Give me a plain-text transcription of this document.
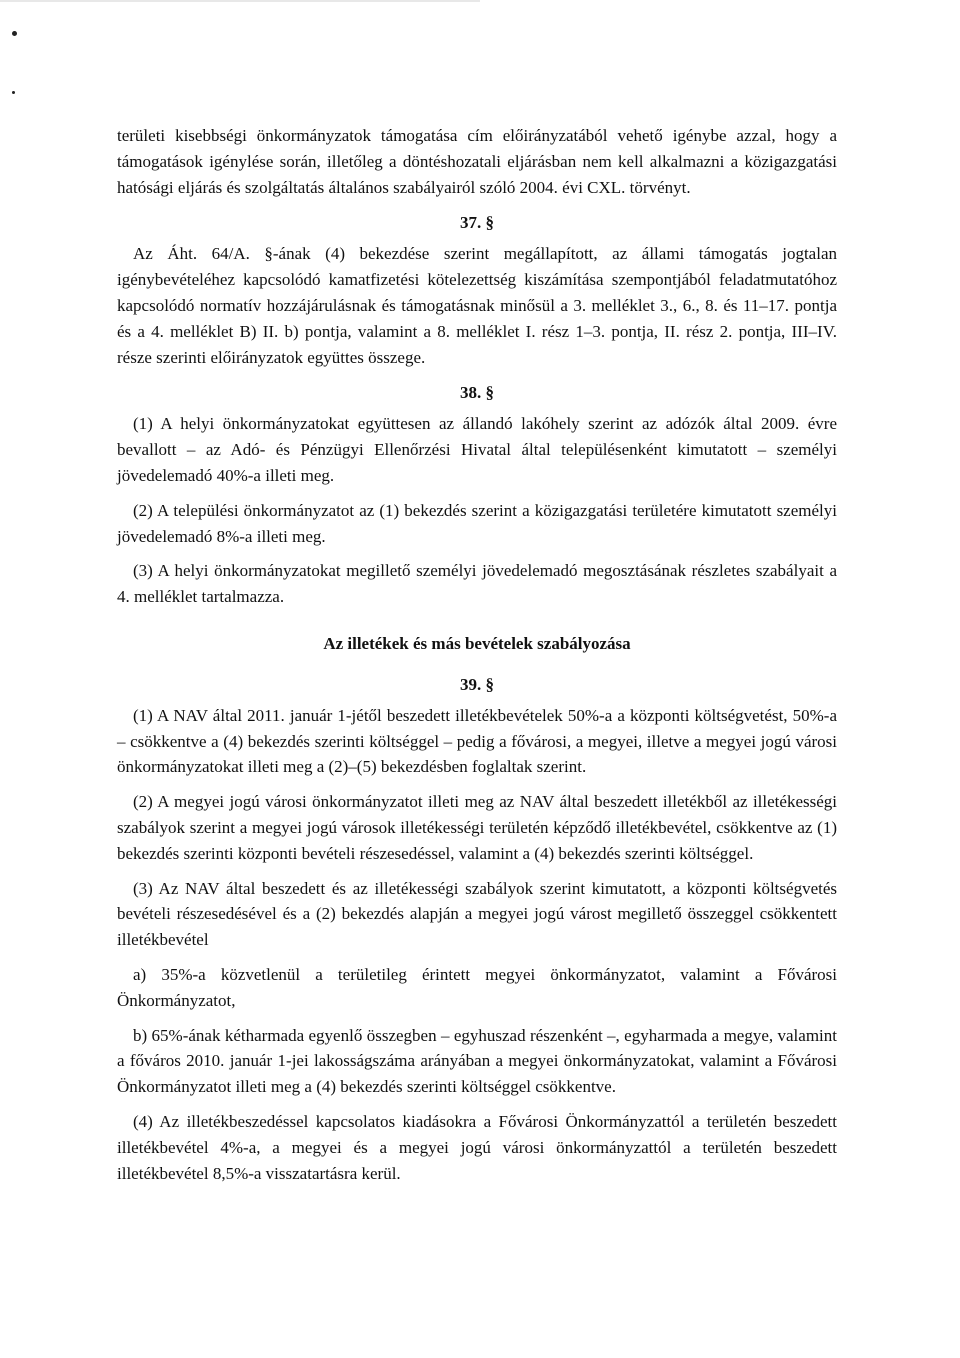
területi kisebbségi önkormányzatok támogatása cím előirányzatából vehető igénybe azzal, hogy a támogatások igénylése során, illetőleg a döntéshozatali eljárásban nem kell alkalmazni a közigazgatási hatósági eljárás és szolgáltatás általános szabályairól szóló 2004. évi CXL. törvényt.

37. §

Az Áht. 64/A. §-ának (4) bekezdése szerint megállapított, az állami támogatás jogtalan igénybevételéhez kapcsolódó kamatfizetési kötelezettség kiszámítása szempontjából feladatmutatóhoz kapcsolódó normatív hozzájárulásnak és támogatásnak minősül a 3. melléklet 3., 6., 8. és 11–17. pontja és a 4. melléklet B) II. b) pontja, valamint a 8. melléklet I. rész 1–3. pontja, II. rész 2. pontja, III–IV. része szerinti előirányzatok együttes összege.

38. §

(1) A helyi önkormányzatokat együttesen az állandó lakóhely szerint az adózók által 2009. évre bevallott – az Adó- és Pénzügyi Ellenőrzési Hivatal által településenként kimutatott – személyi jövedelemadó 40%-a illeti meg.

(2) A települési önkormányzatot az (1) bekezdés szerint a közigazgatási területére kimutatott személyi jövedelemadó 8%-a illeti meg.

(3) A helyi önkormányzatokat megillető személyi jövedelemadó megosztásának részletes szabályait a 4. melléklet tartalmazza.

Az illetékek és más bevételek szabályozása
39. §

(1) A NAV által 2011. január 1-jétől beszedett illetékbevételek 50%-a a központi költségvetést, 50%-a – csökkentve a (4) bekezdés szerinti költséggel – pedig a fővárosi, a megyei, illetve a megyei jogú városi önkormányzatokat illeti meg a (2)–(5) bekezdésben foglaltak szerint.

(2) A megyei jogú városi önkormányzatot illeti meg az NAV által beszedett illetékből az illetékességi szabályok szerint a megyei jogú városok illetékességi területén képződő illetékbevétel, csökkentve az (1) bekezdés szerinti központi bevételi részesedéssel, valamint a (4) bekezdés szerinti költséggel.

(3) Az NAV által beszedett és az illetékességi szabályok szerint kimutatott, a központi költségvetés bevételi részesedésével és a (2) bekezdés alapján a megyei jogú várost megillető összeggel csökkentett illetékbevétel

a) 35%-a közvetlenül a területileg érintett megyei önkormányzatot, valamint a Fővárosi Önkormányzatot,

b) 65%-ának kétharmada egyenlő összegben – egyhuszad részenként –, egyharmada a megye, valamint a főváros 2010. január 1-jei lakosságszáma arányában a megyei önkormányzatokat, valamint a Fővárosi Önkormányzatot illeti meg a (4) bekezdés szerinti költséggel csökkentve.

(4) Az illetékbeszedéssel kapcsolatos kiadásokra a Fővárosi Önkormányzattól a területén beszedett illetékbevétel 4%-a, a megyei és a megyei jogú városi önkormányzattól a területén beszedett illetékbevétel 8,5%-a visszatartásra kerül.
